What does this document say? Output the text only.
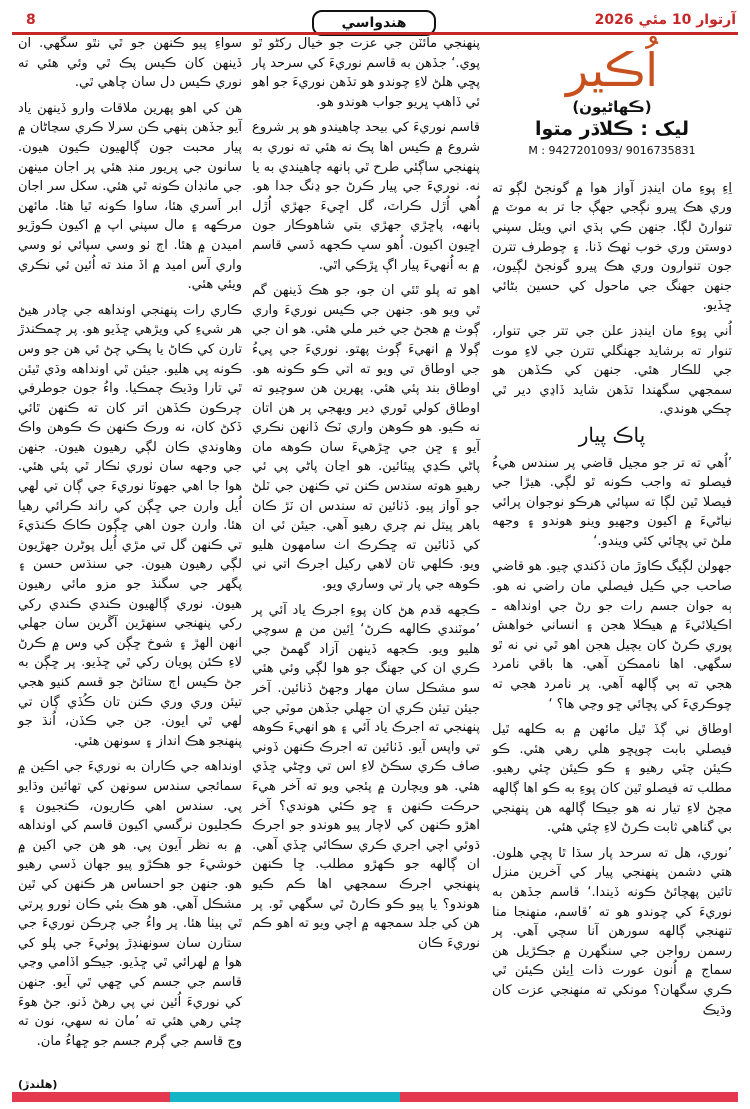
8	هندواسي	آرتوار 10 مئي 2026
اُڪير
(ڪهاڻيون)
ليک : ڪلاڌر متوا
M : 9427201093/ 9016735831

اِءِ پوءِ مان اينڊز آواز هوا ۾ گونجڻ لڳو ته وري هڪ پيرو نڳجي جهڳ جا تر به موٽ ۾ تنوارڻ لڳا. جنهن ڪي ٻڌي اني ويئل سپني دوستن وري خوب ٺهڪ ڏنا. ۽ چوطرف تترن جون تنوارون وري هڪ پيرو گونجڻ لڳيون، جنهن جهنگ جي ماحول کي حسين بڻائي ڇڏيو.

اُني پوءِ مان اينڊز علن جي تتر جي تنوار، تنوار ته برشايد جهنگلي تترن جي لاءِ موت جي للڪار هئي. جنهن کي ڪڏهن هو سمجهي سگهندا تڏهن شايد ڏاڍي دير ٿي چڪي هوندي.

پاڪ پيار

’اُهي ته تر جو مجيل قاضي پر سندس هيءُ فيصلو ته واجب ڪونه ٿو لڳي. هيڙا جي فيصلا ٿين لڳا ته سپائي هرڪو نوجوان پرائي نياڻيءَ ۾ اکيون وجهيو وينو هوندو ۽ وجهه ملڻ تي پڇائي کئي ويندو.‘

جهولن لڳيگ ڪاوڙ مان ڏکندي چيو. هو قاضي صاحب جي ڪيل فيصلي مان راضي نه هو. ٻه جوان جسم رات جو رڻ جي اونداهه ـ اڪيلائيءَ ۾ هيڪلا هجن ۽ انساني خواهش پوري ڪرڻ کان بچيل هجن اهو ٿي ني نه ٿو سگهي. اها ناممڪن آهي. ها باقي نامرد هجي ته ٻي ڳالهه آهي. پر نامرد هجي ته چوڪريءَ کي پڇائي ڇو وڃي ها؟ ‘

اوطاق ني ڳڏ ٿيل مائهن ۾ به ڪلهه ٿيل فيصلي بابت چوپڇو هلي رهي هئي. ڪو ڪيئن چئي رهيو ۽ ڪو ڪيئن چئي رهيو. مطلب ته فيصلو ٿين کان پوءِ به ڪو اها ڳالهه مڃڻ لاءِ تيار نه هو جيڪا ڳالهه هن پنهنجي بي گناهي ثابت ڪرڻ لاءِ چئي هئي.

’نوري، هل ته سرحد پار سڌا ٿا پڇي هلون. هتي دشمن پنهنجي پيار کي آخرين منزل تائين پهچائڻ ڪونه ڏيندا.‘ قاسم جڏهن به نوريءَ کي چوندو هو ته ’قاسم، منهنجا منا تنهنجي ڳالهه سورهن آنا سچي آهي. پر رسمن رواجن جي سنگهرن ۾ جڪڙيل هن سماج ۾ اُنون عورت ذات اِيئن ڪيئن ٿي ڪري سگهان؟ مونکي ته منهنجي عزت کان وڌيڪ

پنهنجي مائٽن جي عزت جو خيال رکڻو ٿو پوي.‘ جڏهن به قاسم نوريءَ کي سرحد پار پڇي هلڻ لاءِ چوندو هو تڏهن نوريءَ جو اهو ئي ڏاهپ ڀريو جواب هوندو هو.

قاسم نوريءَ کي بيحد چاهيندو هو پر شروع شروع ۾ ڪيس اها پڪ نه هئي ته نوري به پنهنجي ساڳئي طرح ٿي ٻانهه چاهيندي به يا نه. نوريءَ جي پيار ڪرڻ جو ڍنگ جدا هو. اُهي اُڙل ڪراٽ، گل اڇيءَ جهڙي اُڙل ٻانهه، پاڇڙي جهڙي بتي شاهوڪار جون اڇيون اکيون. اُهو سڀ ڪجهه ڏسي قاسم ۾ به اُنهيءَ پيار اڳ ڀڙڪي اٿي.

اهو ته پلو ٿئي ان جو، جو هڪ ڏينهن گم ٿي ويو هو. جنهن جي ڪيس نوريءَ واري ڳوٺ ۾ هجڻ جي خبر ملي هئي. هو ان جي ڳولا ۾ انهيءَ ڳوٺ پهتو. نوريءَ جي پيءُ جي اوطاق تي ويو ته اتي ڪو ڪونه هو. اوطاق بند پئي هئي. پهرين هن سوچيو ته اوطاق کولي ٿوري دير ويهجي پر هن اتان نه ڪيو. هو ڪوهن واري ٽڪ ڏانهن نڪري آيو ۽ ڇن جي ڇڙهيءَ سان ڪوهه مان پاڻي ڪڍي پيئائين. هو اڃان پاڻي پي ئي رهيو هوته سندس ڪنن تي ڪنهن جي ٽلڻ جو آواز پيو. ڏٺائين ته سندس ان ٽڙ ڪان باهر پيتل نم چري رهيو آهي. جيئن ئي ان کي ڏٺائين ته ڇڪرڪ اٺ سامهون هليو ويو. ڪلهي تان لاهي رکيل اجرڪ اتي ني ڪوهه جي پار تي وساري ويو.

ڪجهه قدم هڻ کان پوءِ اجرڪ ياد آئي پر ’موٽندي ڪالهه ڪرڻ‘ اِئين من ۾ سوچي هليو ويو. ڪجهه ڏينهن آزاد گهمڻ جي ڪري ان کي جهنگ جو هوا لڳي وئي هئي سو مشڪل سان مهار وجهڻ ڏنائين. آخر جيئن تيئن ڪري ان جهلي جڏهن موٽي جي پنهنجي ته اجرڪ ياد آئي ۽ هو انهيءَ ڪوهه تي واپس آيو. ڏٺائين ته اجرڪ ڪنهن ڏوني صاف ڪري سڪڻ لاءِ اس تي وڇڻي ڇڏي هئي. هو ويچارن ۾ پئجي ويو ته آخر هيءَ حرڪت ڪنهن ۽ ڇو ڪئي هوندي؟ آخر اهڙو ڪنهن کي لاچار پيو هوندو جو اجرڪ ڌوئي اچي اجري ڪري سڪائي ڇڏي آهي. ان ڳالهه جو ڪهڙو مطلب. ڇا ڪنهن پنهنجي اجرڪ سمجهي اها ڪم ڪيو هوندو؟ يا پيو ڪو ڪارڻ ٿي سگهي ٿو. پر هن کي جلد سمجهه ۾ اچي ويو ته اهو ڪم نوريءَ ڪان

سواءِ پيو ڪنهن جو ٿي نٿو سگهي. ان ڏينهن کان ڪيس پڪ ٿي وئي هئي ته نوري ڪيس دل سان چاهي ٿي.

هن کي اهو پهرين ملاقات وارو ڏينهن ياد آيو جڏهن ٻنهي ڪن سرلا ڪري سڃاڻان ۾ پيار محبت جون ڳالهيون ڪيون هيون. سانون جي پريور منڊ هئي پر اجان مينهن جي مانڊان ڪونه ٿي هئي. سکل سر اجان ابر اَسري هئا، ساوا ڪونه ٿيا هئا. مائهن مرڪهه ۽ مال سپني اپ ۾ اکيون ڪوڙيو اميدن ۾ هئا. اڄ ٺو وسي سپائي ٺو وسي واري آس اميد ۾ اڏ مند ته اُئين ئي نڪري ويئي هئي.

ڪاري رات پنهنجي اونداهه جي چادر هيڻ هر شيءِ کي ويڙهي ڇڏيو هو. پر چمڪندڙ تارن کي ڪاڻ يا پڪي چڻ ئي هن جو وس ڪونه پي هليو. جيئن ٿي اونداهه وڌي ٿيئن ٿي تارا وڌيڪ چمڪيا. واءُ جون جوطرفي چرڪون ڪڏهن اتر کان ته ڪنهن ٿائي ڏکڻ کان، نه ورڪ ڪنهن ڪ ڪوهن واڪ وهاوندي ڪان لڳي رهيون هيون. جنهن جي وجهه سان ٺوري ٺڪار ٿي پئي هئي. هوا جا اهي جهوٽا نوريءَ جي ڳان تي لهي اُيل وارن جي ڇڳن کي راند ڪرائي رهيا هئا. وارن جون اهي ڇڳون ڪاڪ ڪنڌيءَ تي ڪنهن گل تي مڙي اُيل پوڻرن جهڙيون لڳي رهيون هيون. جي سنڌس حسن ۽ پگهر جي سگنڌ جو مزو مائي رهيون هيون. نوري ڳالهيون ڪندي ڪندي رکي رکي پنهنجي سنهڙين آڱرين سان جهلي انهن الهڙ ۽ شوخ ڇڳن کي وس ۾ ڪرڻ لاءِ ڪئن پويان رکي ٿي ڇڏيو. پر ڇڳن به جڻ ڪيس اڄ ستائڻ جو قسم کنيو هجي تيئن وري وري ڪنن تان ڪُڏي ڳان تي لهي ٿي ايون. جن جي ڪڏن، اُنڌ جو پنهنجو هڪ انداز ۽ سونهن هئي.

اونداهه جي ڪاران به نوريءَ جي اڪين ۾ سمائجي سندس سونهن کي تهائين وڌايو پي. سندس اهي ڪاريون، ڪنجيون ۽ ڪجليون نرگسي اکيون قاسم کي اونداهه ۾ به نظر آيون پي. هو هن جي اکين ۾ خوشيءَ جو هڪڙو پيو جهان ڏسي رهيو هو. جنهن جو احساس هر ڪنهن کي ٿين مشڪل آهي. هو هڪ بئي ڪان ٺورو پرتي ٿي ٻيٺا هئا. پر واءُ جي چرڪن نوريءَ جي ستارن سان سونهنڊڙ پوئيءَ جي پلو کي هوا ۾ لهرائي ٿي ڇڏيو. جيڪو اڏامي وڃي قاسم جي جسم کي ڇهي ٿي آيو. جنهن کي نوريءَ اُئين ني پي رهڻ ڏنو. جڻ هوءَ چئي رهي هئي ته ’مان نه سهي، نون ته وڃ قاسم جي ڳرم جسم جو ڇهاءُ مان.

(هلندڙ)
